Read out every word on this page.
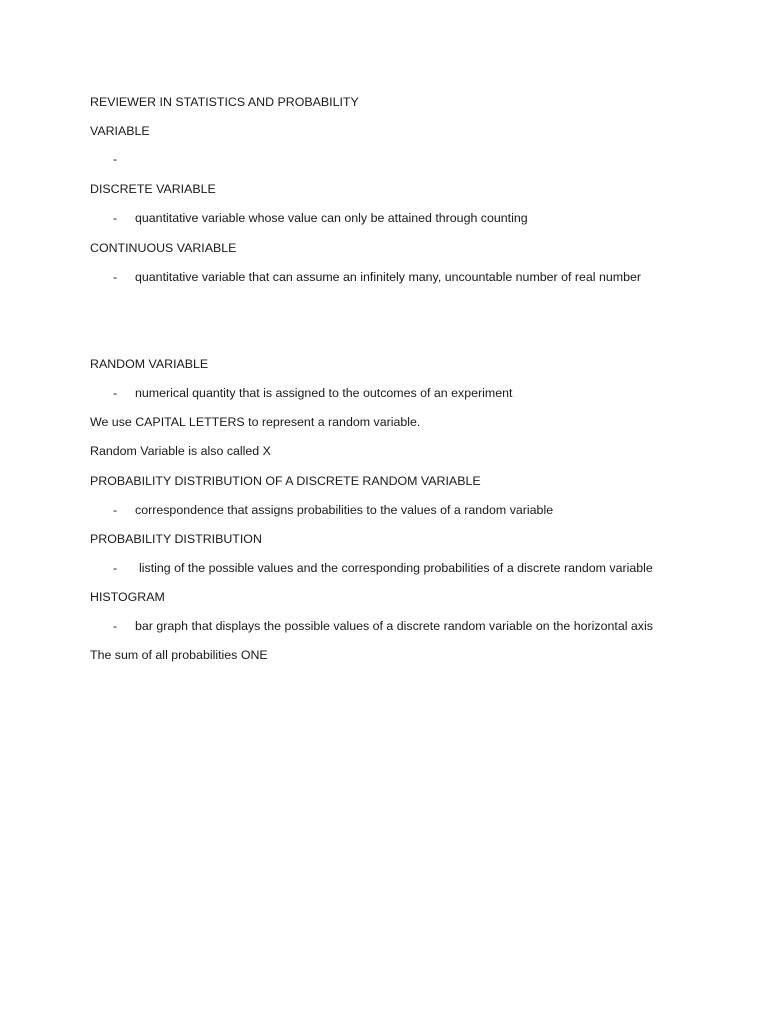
REVIEWER IN STATISTICS AND PROBABILITY
VARIABLE
-
DISCRETE VARIABLE
- quantitative variable whose value can only be attained through counting
CONTINUOUS VARIABLE
- quantitative variable that can assume an infinitely many, uncountable number of real number
RANDOM VARIABLE
- numerical quantity that is assigned to the outcomes of an experiment
We use CAPITAL LETTERS to represent a random variable.
Random Variable is also called X
PROBABILITY DISTRIBUTION OF A DISCRETE RANDOM VARIABLE
- correspondence that assigns probabilities to the values of a random variable
PROBABILITY DISTRIBUTION
- listing of the possible values and the corresponding probabilities of a discrete random variable
HISTOGRAM
- bar graph that displays the possible values of a discrete random variable on the horizontal axis
The sum of all probabilities ONE
